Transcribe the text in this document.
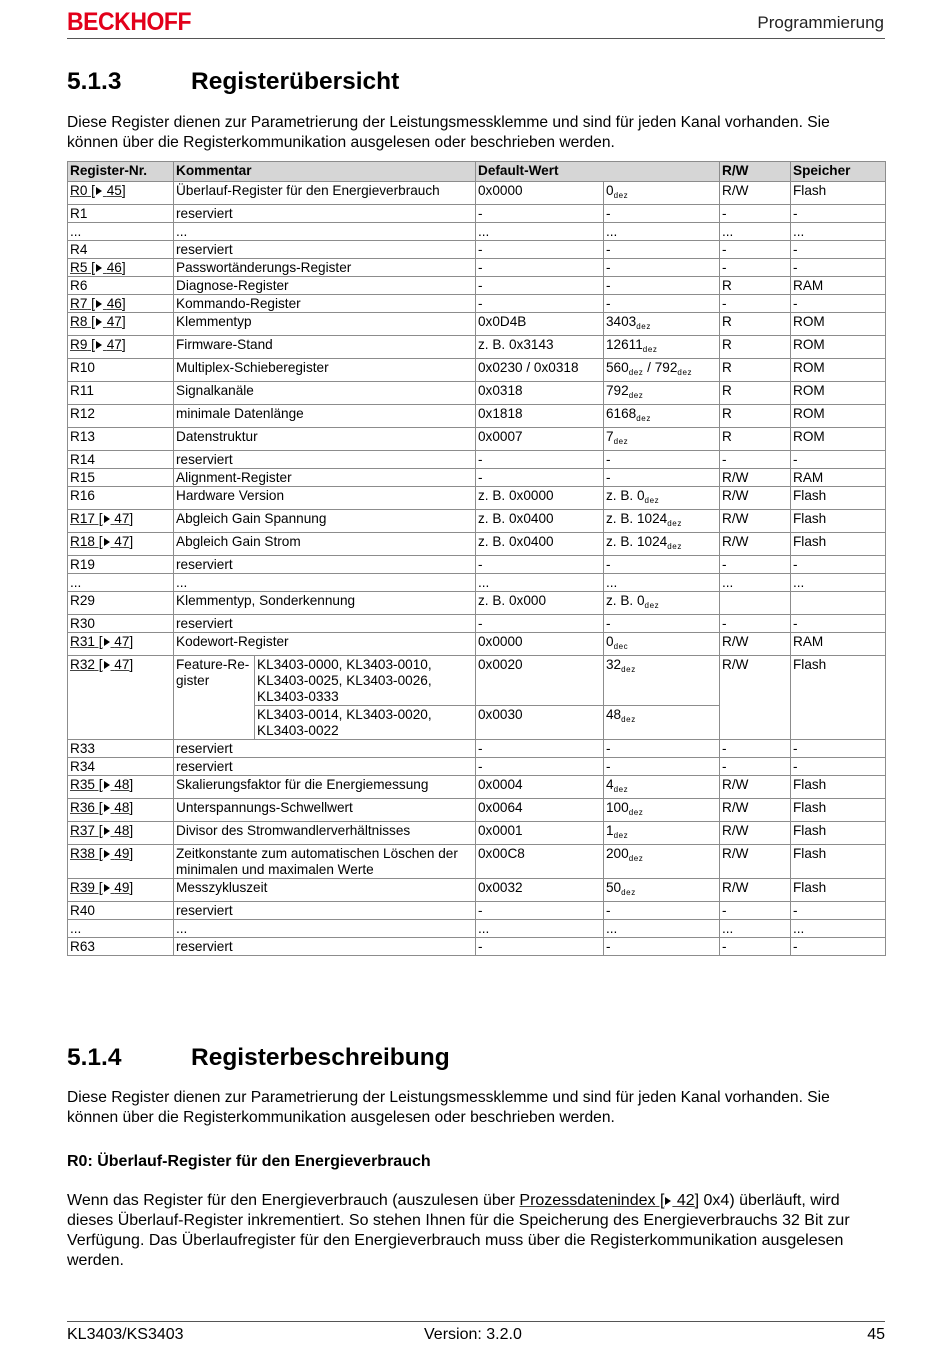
BECKHOFF	Programmierung
5.1.3	Registerübersicht

Diese Register dienen zur Parametrierung der Leistungsmessklemme und sind für jeden Kanal vorhanden. Sie können über die Registerkommunikation ausgelesen oder beschrieben werden.

Register-Nr.	Kommentar		Default-Wert		R/W	Speicher
R0 [ 45]	Überlauf-Register für den Energieverbrauch		0x0000	$0_{dez}$	R/W	Flash
R1	reserviert		-	-	-	-
...	...		...	...	...	...
R4	reserviert		-	-	-	-
R5 [ 46]	Passwortänderungs-Register		-	-	-	-
R6	Diagnose-Register		-	-	R	RAM
R7 [ 46]	Kommando-Register		-	-	-	-
R8 [ 47]	Klemmentyp		0x0D4B	$3403_{dez}$	R	ROM
R9 [ 47]	Firmware-Stand		z. B. 0x3143	$12611_{dez}$	R	ROM
R10	Multiplex-Schieberegister		0x0230 / 0x0318	$560_{dez} / 792_{dez}$	R	ROM
R11	Signalkanäle		0x0318	$792_{dez}$	R	ROM
R12	minimale Datenlänge		0x1818	$6168_{dez}$	R	ROM
R13	Datenstruktur		0x0007	$7_{dez}$	R	ROM
R14	reserviert		-	-	-	-
R15	Alignment-Register		-	-	R/W	RAM
R16	Hardware Version		z. B. 0x0000	z. B. $0_{dez}$	R/W	Flash
R17 [ 47]	Abgleich Gain Spannung		z. B. 0x0400	z. B. $1024_{dez}$	R/W	Flash
R18 [ 47]	Abgleich Gain Strom		z. B. 0x0400	z. B. $1024_{dez}$	R/W	Flash
R19	reserviert		-	-	-	-
...	...		...	...	...	...
R29	Klemmentyp, Sonderkennung		z. B. 0x000	z. B. $0_{dez}$		
R30	reserviert		-	-	-	-
R31 [ 47]	Kodewort-Register		0x0000	$0_{dec}$	R/W	RAM
R32 [ 47]	Feature-Re-gister	KL3403-0000, KL3403-0010, KL3403-0025, KL3403-0026, KL3403-0333	0x0020	$32_{dez}$	R/W	Flash
		KL3403-0014, KL3403-0020, KL3403-0022	0x0030	$48_{dez}$
R33	reserviert		-	-	-	-
R34	reserviert		-	-	-	-
R35 [ 48]	Skalierungsfaktor für die Energiemessung		0x0004	$4_{dez}$	R/W	Flash
R36 [ 48]	Unterspannungs-Schwellwert		0x0064	$100_{dez}$	R/W	Flash
R37 [ 48]	Divisor des Stromwandlerverhältnisses		0x0001	$1_{dez}$	R/W	Flash
R38 [ 49]	Zeitkonstante zum automatischen Löschen der minimalen und maximalen Werte		0x00C8	$200_{dez}$	R/W	Flash
R39 [ 49]	Messzykluszeit		0x0032	$50_{dez}$	R/W	Flash
R40	reserviert		-	-	-	-
...	...		...	...	...	...
R63	reserviert		-	-	-	-
5.1.4	Registerbeschreibung

Diese Register dienen zur Parametrierung der Leistungsmessklemme und sind für jeden Kanal vorhanden. Sie können über die Registerkommunikation ausgelesen oder beschrieben werden.

R0: Überlauf-Register für den Energieverbrauch

Wenn das Register für den Energieverbrauch (auszulesen über Prozessdatenindex [ 42] 0x4) überläuft, wird dieses Überlauf-Register inkrementiert. So stehen Ihnen für die Speicherung des Energieverbrauchs 32 Bit zur Verfügung. Das Überlaufregister für den Energieverbrauch muss über die Registerkommunikation ausgelesen werden.

KL3403/KS3403	Version: 3.2.0	45
